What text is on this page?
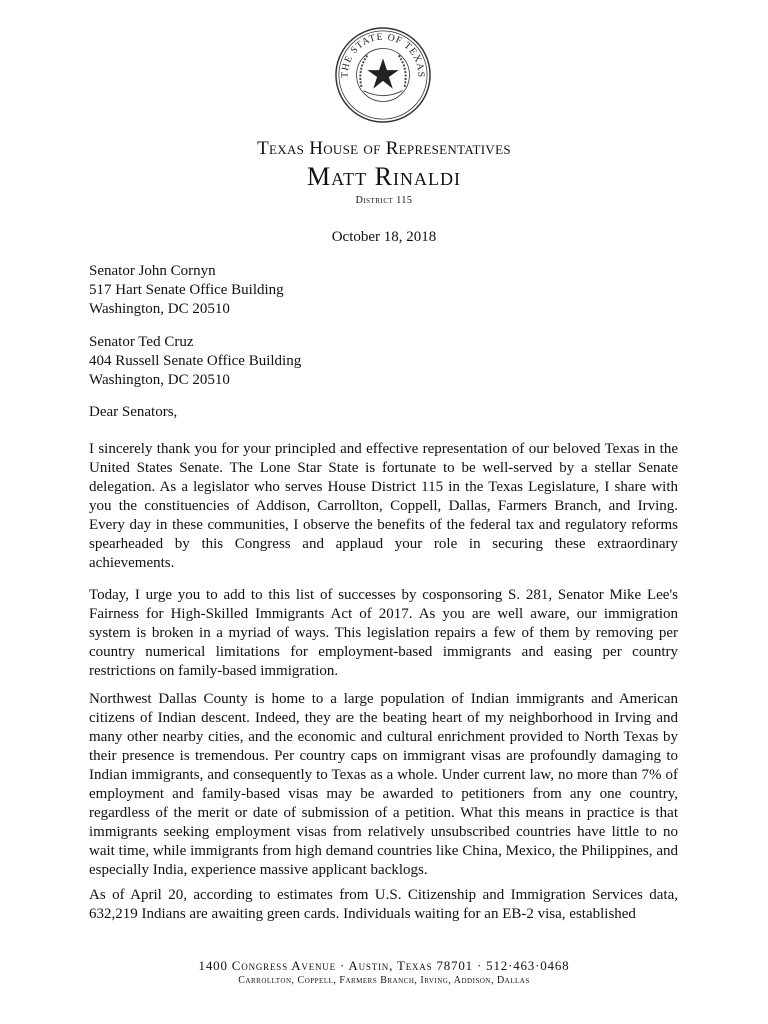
THE STATE OF TEXAS
Texas House of Representatives
Matt Rinaldi
District 115
October 18, 2018
Senator John Cornyn
517 Hart Senate Office Building
Washington, DC 20510
Senator Ted Cruz
404 Russell Senate Office Building
Washington, DC 20510
Dear Senators,

I sincerely thank you for your principled and effective representation of our beloved Texas in the United States Senate. The Lone Star State is fortunate to be well-served by a stellar Senate delegation. As a legislator who serves House District 115 in the Texas Legislature, I share with you the constituencies of Addison, Carrollton, Coppell, Dallas, Farmers Branch, and Irving. Every day in these communities, I observe the benefits of the federal tax and regulatory reforms spearheaded by this Congress and applaud your role in securing these extraordinary achievements.

Today, I urge you to add to this list of successes by cosponsoring S. 281, Senator Mike Lee's Fairness for High-Skilled Immigrants Act of 2017. As you are well aware, our immigration system is broken in a myriad of ways. This legislation repairs a few of them by removing per country numerical limitations for employment-based immigrants and easing per country restrictions on family-based immigration.

Northwest Dallas County is home to a large population of Indian immigrants and American citizens of Indian descent. Indeed, they are the beating heart of my neighborhood in Irving and many other nearby cities, and the economic and cultural enrichment provided to North Texas by their presence is tremendous. Per country caps on immigrant visas are profoundly damaging to Indian immigrants, and consequently to Texas as a whole. Under current law, no more than 7% of employment and family-based visas may be awarded to petitioners from any one country, regardless of the merit or date of submission of a petition. What this means in practice is that immigrants seeking employment visas from relatively unsubscribed countries have little to no wait time, while immigrants from high demand countries like China, Mexico, the Philippines, and especially India, experience massive applicant backlogs.

As of April 20, according to estimates from U.S. Citizenship and Immigration Services data, 632,219 Indians are awaiting green cards. Individuals waiting for an EB-2 visa, established

1400 Congress Avenue · Austin, Texas 78701 · 512·463·0468
Carrollton, Coppell, Farmers Branch, Irving, Addison, Dallas
